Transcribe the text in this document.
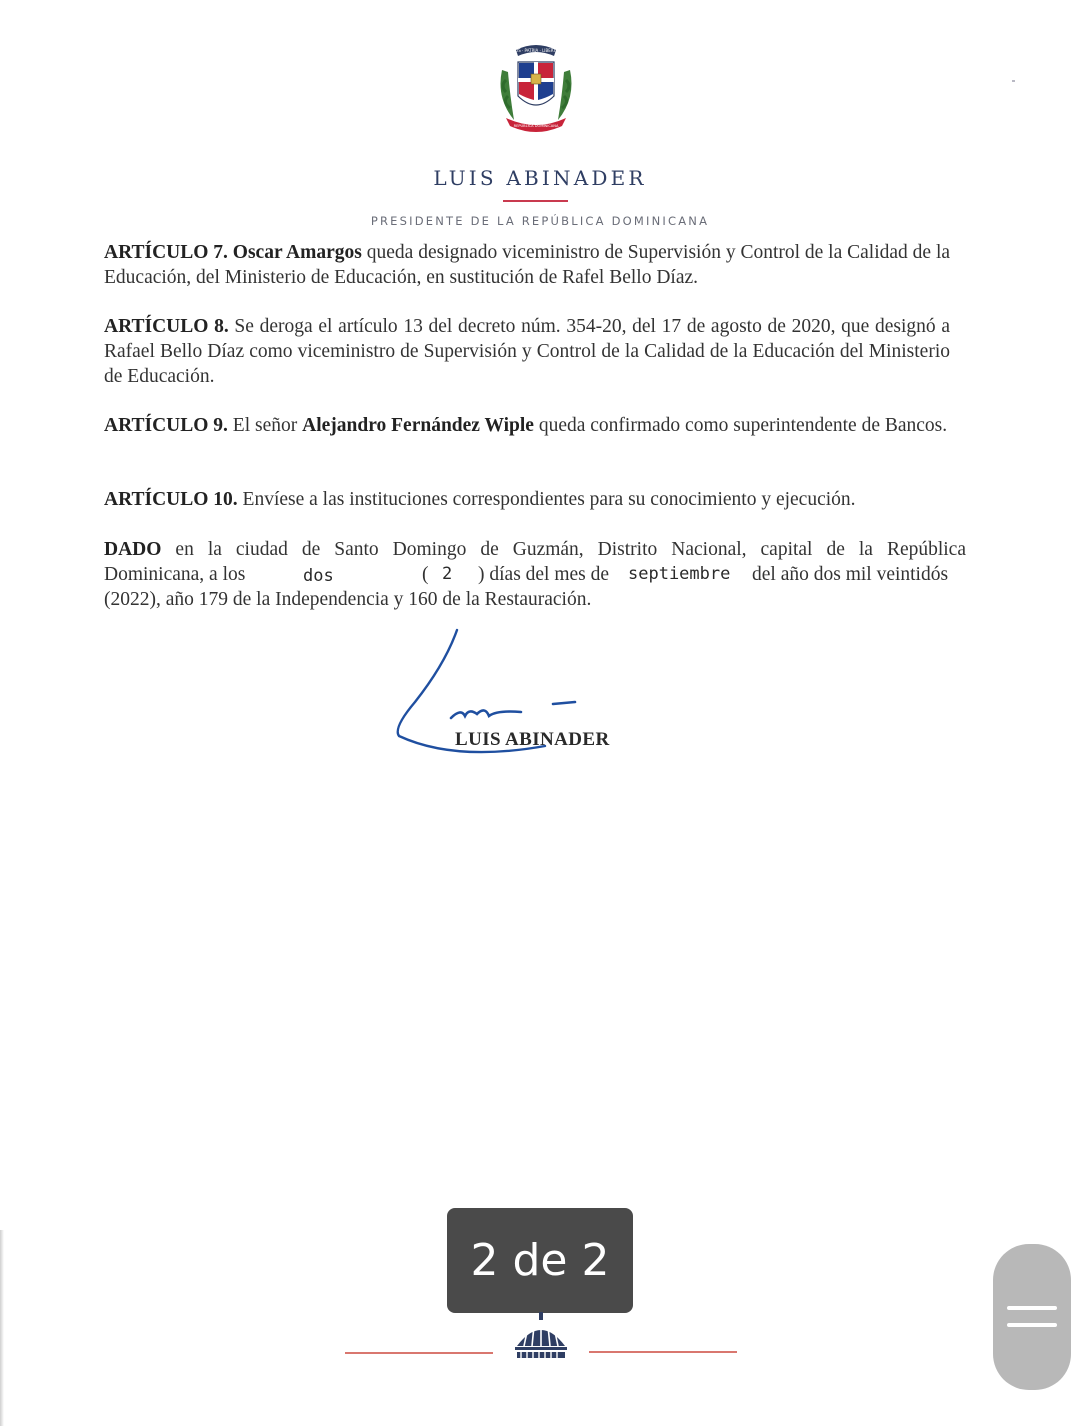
DIOS · PATRIA · LIBERTAD
REPÚBLICA DOMINICANA
LUIS ABINADER
PRESIDENTE DE LA REPÚBLICA DOMINICANA
ARTÍCULO 7. Oscar Amargos queda designado viceministro de Supervisión y Control de la Calidad de la Educación, del Ministerio de Educación, en sustitución de Rafel Bello Díaz.
ARTÍCULO 8. Se deroga el artículo 13 del decreto núm. 354-20, del 17 de agosto de 2020, que designó a Rafael Bello Díaz como viceministro de Supervisión y Control de la Calidad de la Educación del Ministerio de Educación.
ARTÍCULO 9. El señor Alejandro Fernández Wiple queda confirmado como superintendente de Bancos.
ARTÍCULO 10. Envíese a las instituciones correspondientes para su conocimiento y ejecución.
DADO en la ciudad de Santo Domingo de Guzmán, Distrito Nacional, capital de la República
Dominicana, a los	dos	( 2 ) días del mes de septiembre del año dos mil veintidós
(2022), año 179 de la Independencia y 160 de la Restauración.
LUIS ABINADER
2 de 2
